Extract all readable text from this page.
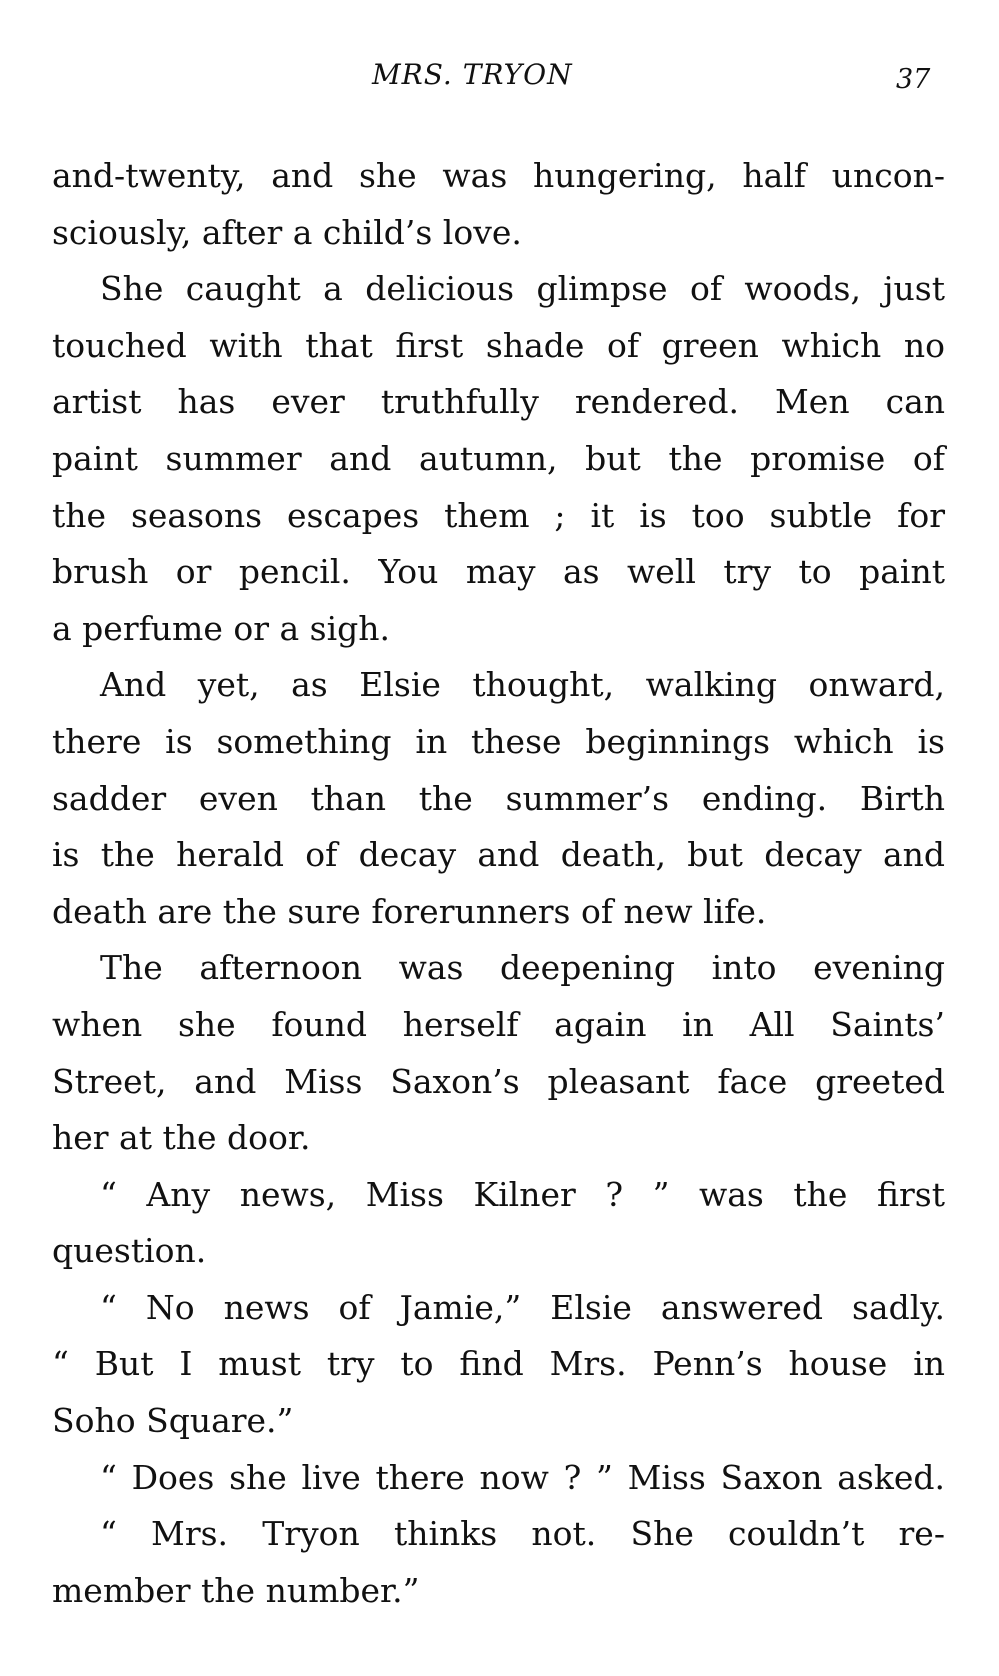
MRS. TRYON	37
and-twenty, and she was hungering, half uncon-
sciously, after a child’s love.
She caught a delicious glimpse of woods, just
touched with that first shade of green which no
artist has ever truthfully rendered. Men can
paint summer and autumn, but the promise of
the seasons escapes them ; it is too subtle for
brush or pencil. You may as well try to paint
a perfume or a sigh.
And yet, as Elsie thought, walking onward,
there is something in these beginnings which is
sadder even than the summer’s ending. Birth
is the herald of decay and death, but decay and
death are the sure forerunners of new life.
The afternoon was deepening into evening
when she found herself again in All Saints’
Street, and Miss Saxon’s pleasant face greeted
her at the door.
“ Any news, Miss Kilner ? ” was the first
question.
“ No news of Jamie,” Elsie answered sadly.
“ But I must try to find Mrs. Penn’s house in
Soho Square.”
“ Does she live there now ? ” Miss Saxon asked.
“ Mrs. Tryon thinks not. She couldn’t re-
member the number.”
